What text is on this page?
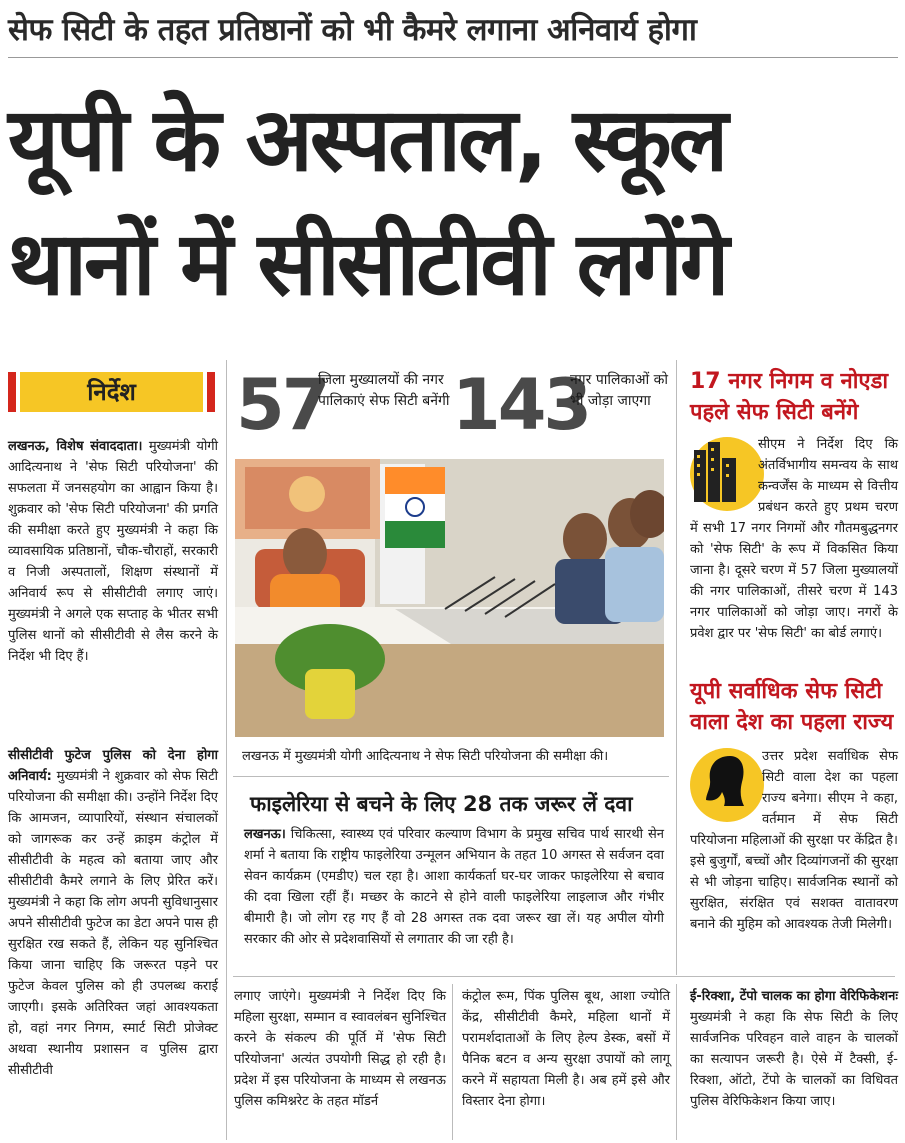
सेफ सिटी के तहत प्रतिष्ठानों को भी कैमरे लगाना अनिवार्य होगा
यूपी के अस्पताल, स्कूल
थानों में सीसीटीवी लगेंगे
निर्देश
लखनऊ, विशेष संवाददाता। मुख्यमंत्री योगी आदित्यनाथ ने 'सेफ सिटी परियोजना' की सफलता में जनसहयोग का आह्वान किया है। शुक्रवार को 'सेफ सिटी परियोजना' की प्रगति की समीक्षा करते हुए मुख्यमंत्री ने कहा कि व्यावसायिक प्रतिष्ठानों, चौक-चौराहों, सरकारी व निजी अस्पतालों, शिक्षण संस्थानों में अनिवार्य रूप से सीसीटीवी लगाए जाएं। मुख्यमंत्री ने अगले एक सप्ताह के भीतर सभी पुलिस थानों को सीसीटीवी से लैस करने के निर्देश भी दिए हैं।
सीसीटीवी फुटेज पुलिस को देना होगा अनिवार्य: मुख्यमंत्री ने शुक्रवार को सेफ सिटी परियोजना की समीक्षा की। उन्होंने निर्देश दिए कि आमजन, व्यापारियों, संस्थान संचालकों को जागरूक कर उन्हें क्राइम कंट्रोल में सीसीटीवी के महत्व को बताया जाए और सीसीटीवी कैमरे लगाने के लिए प्रेरित करें। मुख्यमंत्री ने कहा कि लोग अपनी सुविधानुसार अपने सीसीटीवी फुटेज का डेटा अपने पास ही सुरक्षित रख सकते हैं, लेकिन यह सुनिश्चित किया जाना चाहिए कि जरूरत पड़ने पर फुटेज केवल पुलिस को ही उपलब्ध कराई जाएगी। इसके अतिरिक्त जहां आवश्यकता हो, वहां नगर निगम, स्मार्ट सिटी प्रोजेक्ट अथवा स्थानीय प्रशासन व पुलिस द्वारा सीसीटीवी
57
जिला मुख्यालयों की नगर पालिकाएं सेफ सिटी बनेंगी 143
नगर पालिकाओं को भी जोड़ा जाएगा
लखनऊ में मुख्यमंत्री योगी आदित्यनाथ ने सेफ सिटी परियोजना की समीक्षा की।
फाइलेरिया से बचने के लिए 28 तक जरूर लें दवा
लखनऊ। चिकित्सा, स्वास्थ्य एवं परिवार कल्याण विभाग के प्रमुख सचिव पार्थ सारथी सेन शर्मा ने बताया कि राष्ट्रीय फाइलेरिया उन्मूलन अभियान के तहत 10 अगस्त से सर्वजन दवा सेवन कार्यक्रम (एमडीए) चल रहा है। आशा कार्यकर्ता घर-घर जाकर फाइलेरिया से बचाव की दवा खिला रहीं हैं। मच्छर के काटने से होने वाली फाइलेरिया लाइलाज और गंभीर बीमारी है। जो लोग रह गए हैं वो 28 अगस्त तक दवा जरूर खा लें। यह अपील योगी सरकार की ओर से प्रदेशवासियों से लगातार की जा रही है।
लगाए जाएंगे। मुख्यमंत्री ने निर्देश दिए कि महिला सुरक्षा, सम्मान व स्वावलंबन सुनिश्चित करने के संकल्प की पूर्ति में 'सेफ सिटी परियोजना' अत्यंत उपयोगी सिद्ध हो रही है। प्रदेश में इस परियोजना के माध्यम से लखनऊ पुलिस कमिश्नरेट के तहत मॉडर्न
कंट्रोल रूम, पिंक पुलिस बूथ, आशा ज्योति केंद्र, सीसीटीवी कैमरे, महिला थानों में परामर्शदाताओं के लिए हेल्प डेस्क, बसों में पैनिक बटन व अन्य सुरक्षा उपायों को लागू करने में सहायता मिली है। अब हमें इसे और विस्तार देना होगा।
17 नगर निगम व नोएडा
पहले सेफ सिटी बनेंगे
सीएम ने निर्देश दिए कि अंतर्विभागीय समन्वय के साथ कन्वर्जेंस के माध्यम से वित्तीय प्रबंधन करते हुए प्रथम चरण में सभी 17 नगर निगमों और गौतमबुद्धनगर को 'सेफ सिटी' के रूप में विकसित किया जाना है। दूसरे चरण में 57 जिला मुख्यालयों की नगर पालिकाओं, तीसरे चरण में 143 नगर पालिकाओं को जोड़ा जाए। नगरों के प्रवेश द्वार पर 'सेफ सिटी' का बोर्ड लगाएं।
यूपी सर्वाधिक सेफ सिटी
वाला देश का पहला राज्य
उत्तर प्रदेश सर्वाधिक सेफ सिटी वाला देश का पहला राज्य बनेगा। सीएम ने कहा, वर्तमान में सेफ सिटी परियोजना महिलाओं की सुरक्षा पर केंद्रित है। इसे बुजुर्गों, बच्चों और दिव्यांगजनों की सुरक्षा से भी जोड़ना चाहिए। सार्वजनिक स्थानों को सुरक्षित, संरक्षित एवं सशक्त वातावरण बनाने की मुहिम को आवश्यक तेजी मिलेगी।
ई-रिक्शा, टेंपो चालक का होगा वेरिफिकेशनः मुख्यमंत्री ने कहा कि सेफ सिटी के लिए सार्वजनिक परिवहन वाले वाहन के चालकों का सत्यापन जरूरी है। ऐसे में टैक्सी, ई-रिक्शा, ऑटो, टेंपो के चालकों का विधिवत पुलिस वेरिफिकेशन किया जाए।
